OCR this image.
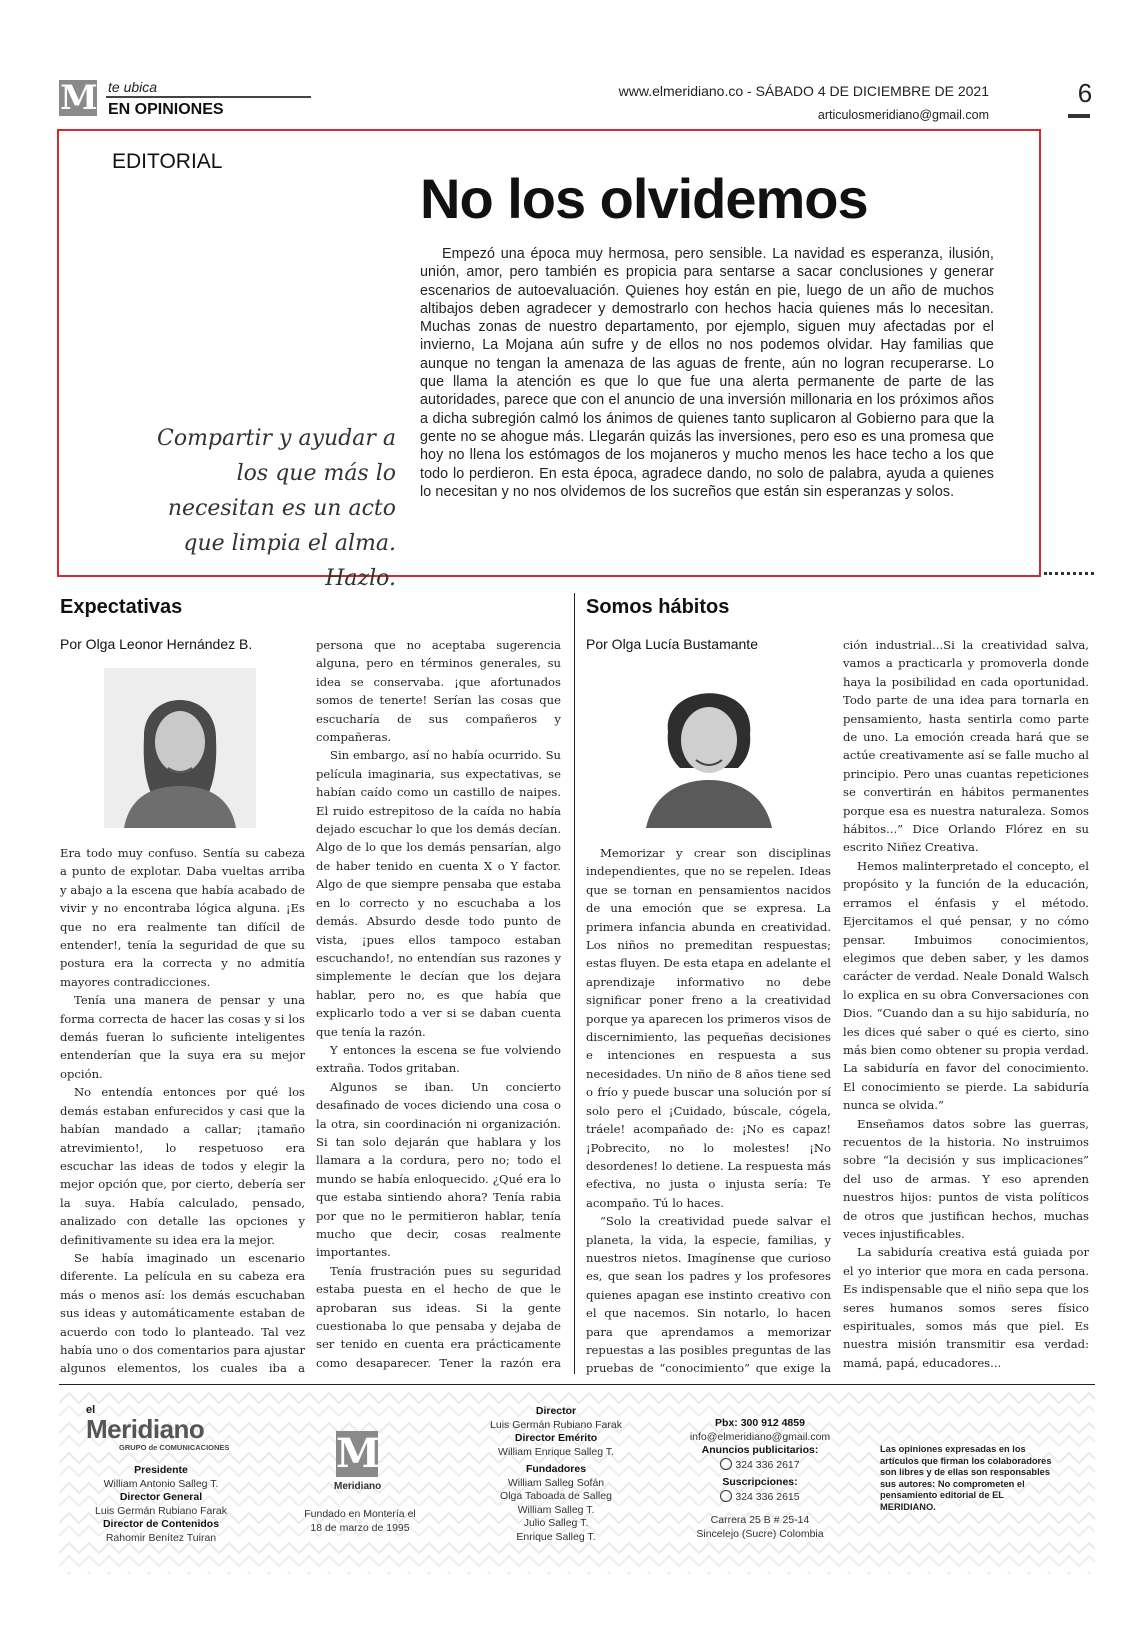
M te ubica
EN OPINIONES
www.elmeridiano.co - SÁBADO 4 DE DICIEMBRE DE 2021
articulosmeridiano@gmail.com
6
EDITORIAL
No los olvidemos
Compartir y ayudar a los que más lo necesitan es un acto que limpia el alma. Hazlo.
Empezó una época muy hermosa, pero sensible. La navidad es esperanza, ilusión, unión, amor, pero también es propicia para sentarse a sacar conclusiones y generar escenarios de autoevaluación. Quienes hoy están en pie, luego de un año de muchos altibajos deben agradecer y demostrarlo con hechos hacia quienes más lo necesitan. Muchas zonas de nuestro departamento, por ejemplo, siguen muy afectadas por el invierno, La Mojana aún sufre y de ellos no nos podemos olvidar. Hay familias que aunque no tengan la amenaza de las aguas de frente, aún no logran recuperarse. Lo que llama la atención es que lo que fue una alerta permanente de parte de las autoridades, parece que con el anuncio de una inversión millonaria en los próximos años a dicha subregión calmó los ánimos de quienes tanto suplicaron al Gobierno para que la gente no se ahogue más. Llegarán quizás las inversiones, pero eso es una promesa que hoy no llena los estómagos de los mojaneros y mucho menos les hace techo a los que todo lo perdieron. En esta época, agradece dando, no solo de palabra, ayuda a quienes lo necesitan y no nos olvidemos de los sucreños que están sin esperanzas y solos.
Expectativas
Por Olga Leonor Hernández B.

Era todo muy confuso. Sentía su cabeza a punto de explotar. Daba vueltas arriba y abajo a la escena que había acabado de vivir y no encontraba lógica alguna. ¡Es que no era realmente tan difícil de entender!, tenía la seguridad de que su postura era la correcta y no admitía mayores contradicciones.

Tenía una manera de pensar y una forma correcta de hacer las cosas y si los demás fueran lo suficiente inteligentes entenderían que la suya era su mejor opción.

No entendía entonces por qué los demás estaban enfurecidos y casi que la habían mandado a callar; ¡tamaño atrevimiento!, lo respetuoso era escuchar las ideas de todos y elegir la mejor opción que, por cierto, debería ser la suya. Había calculado, pensado, analizado con detalle las opciones y definitivamente su idea era la mejor.

Se había imaginado un escenario diferente. La película en su cabeza era más o menos así: los demás escuchaban sus ideas y automáticamente estaban de acuerdo con todo lo planteado. Tal vez había uno o dos comentarios para ajustar algunos elementos, los cuales iba a

persona que no aceptaba sugerencia alguna, pero en términos generales, su idea se conservaba. ¡que afortunados somos de tenerte! Serían las cosas que escucharía de sus compañeros y compañeras.

Sin embargo, así no había ocurrido. Su película imaginaria, sus expectativas, se habían caído como un castillo de naipes. El ruido estrepitoso de la caída no había dejado escuchar lo que los demás decían. Algo de lo que los demás pensarían, algo de haber tenido en cuenta X o Y factor. Algo de que siempre pensaba que estaba en lo correcto y no escuchaba a los demás. Absurdo desde todo punto de vista, ¡pues ellos tampoco estaban escuchando!, no entendían sus razones y simplemente le decían que los dejara hablar, pero no, es que había que explicarlo todo a ver si se daban cuenta que tenía la razón.

Y entonces la escena se fue volviendo extraña. Todos gritaban.

Algunos se iban. Un concierto desafinado de voces diciendo una cosa o la otra, sin coordinación ni organización. Si tan solo dejarán que hablara y los llamara a la cordura, pero no; todo el mundo se había enloquecido. ¿Qué era lo que estaba sintiendo ahora? Tenía rabia por que no le permitieron hablar, tenía mucho que decir, cosas realmente importantes.

Tenía frustración pues su seguridad estaba puesta en el hecho de que le aprobaran sus ideas. Si la gente cuestionaba lo que pensaba y dejaba de ser tenido en cuenta era prácticamente como desaparecer. Tener la razón era

Somos hábitos
Por Olga Lucía Bustamante

Memorizar y crear son disciplinas independientes, que no se repelen. Ideas que se tornan en pensamientos nacidos de una emoción que se expresa. La primera infancia abunda en creatividad. Los niños no premeditan respuestas; estas fluyen. De esta etapa en adelante el aprendizaje informativo no debe significar poner freno a la creatividad porque ya aparecen los primeros visos de discernimiento, las pequeñas decisiones e intenciones en respuesta a sus necesidades. Un niño de 8 años tiene sed o frío y puede buscar una solución por sí solo pero el ¡Cuidado, búscale, cógela, tráele! acompañado de: ¡No es capaz! ¡Pobrecito, no lo molestes! ¡No desordenes! lo detiene. La respuesta más efectiva, no justa o injusta sería: Te acompaño. Tú lo haces.

“Solo la creatividad puede salvar el planeta, la vida, la especie, familias, y nuestros nietos. Imagínense que curioso es, que sean los padres y los profesores quienes apagan ese instinto creativo con el que nacemos. Sin notarlo, lo hacen para que aprendamos a memorizar repuestas a las posibles preguntas de las pruebas de “conocimiento” que exige la

ción industrial...Si la creatividad salva, vamos a practicarla y promoverla donde haya la posibilidad en cada oportunidad. Todo parte de una idea para tornarla en pensamiento, hasta sentirla como parte de uno. La emoción creada hará que se actúe creativamente así se falle mucho al principio. Pero unas cuantas repeticiones se convertirán en hábitos permanentes porque esa es nuestra naturaleza. Somos hábitos...” Dice Orlando Flórez en su escrito Niñez Creativa.

Hemos malinterpretado el concepto, el propósito y la función de la educación, erramos el énfasis y el método. Ejercitamos el qué pensar, y no cómo pensar. Imbuimos conocimientos, elegimos que deben saber, y les damos carácter de verdad. Neale Donald Walsch lo explica en su obra Conversaciones con Dios. “Cuando dan a su hijo sabiduría, no les dices qué saber o qué es cierto, sino más bien como obtener su propia verdad. La sabiduría en favor del conocimiento. El conocimiento se pierde. La sabiduría nunca se olvida.”

Enseñamos datos sobre las guerras, recuentos de la historia. No instruimos sobre “la decisión y sus implicaciones” del uso de armas. Y eso aprenden nuestros hijos: puntos de vista políticos de otros que justifican hechos, muchas veces injustificables.

La sabiduría creativa está guiada por el yo interior que mora en cada persona. Es indispensable que el niño sepa que los seres humanos somos seres físico espirituales, somos más que piel. Es nuestra misión transmitir esa verdad: mamá, papá, educadores...

el
Meridiano
GRUPO de COMUNICACIONES
Presidente
William Antonio Salleg T.
Director General
Luis Germán Rubiano Farak
Director de Contenidos
Rahomir Benítez Tuiran
M
Meridiano
Fundado en Montería el 18 de marzo de 1995
Director
Luis Germán Rubiano Farak
Director Emérito
William Enrique Salleg T.
Fundadores
William Salleg Sofán
Olga Taboada de Salleg
William Salleg T.
Julio Salleg T.
Enrique Salleg T.
Pbx: 300 912 4859
info@elmeridiano@gmail.com
Anuncios publicitarios:
324 336 2617
Suscripciones:
324 336 2615
Carrera 25 B # 25-14
Sincelejo (Sucre) Colombia
Las opiniones expresadas en los artículos que firman los colaboradores son libres y de ellas son responsables sus autores: No comprometen el pensamiento editorial de EL MERIDIANO.
